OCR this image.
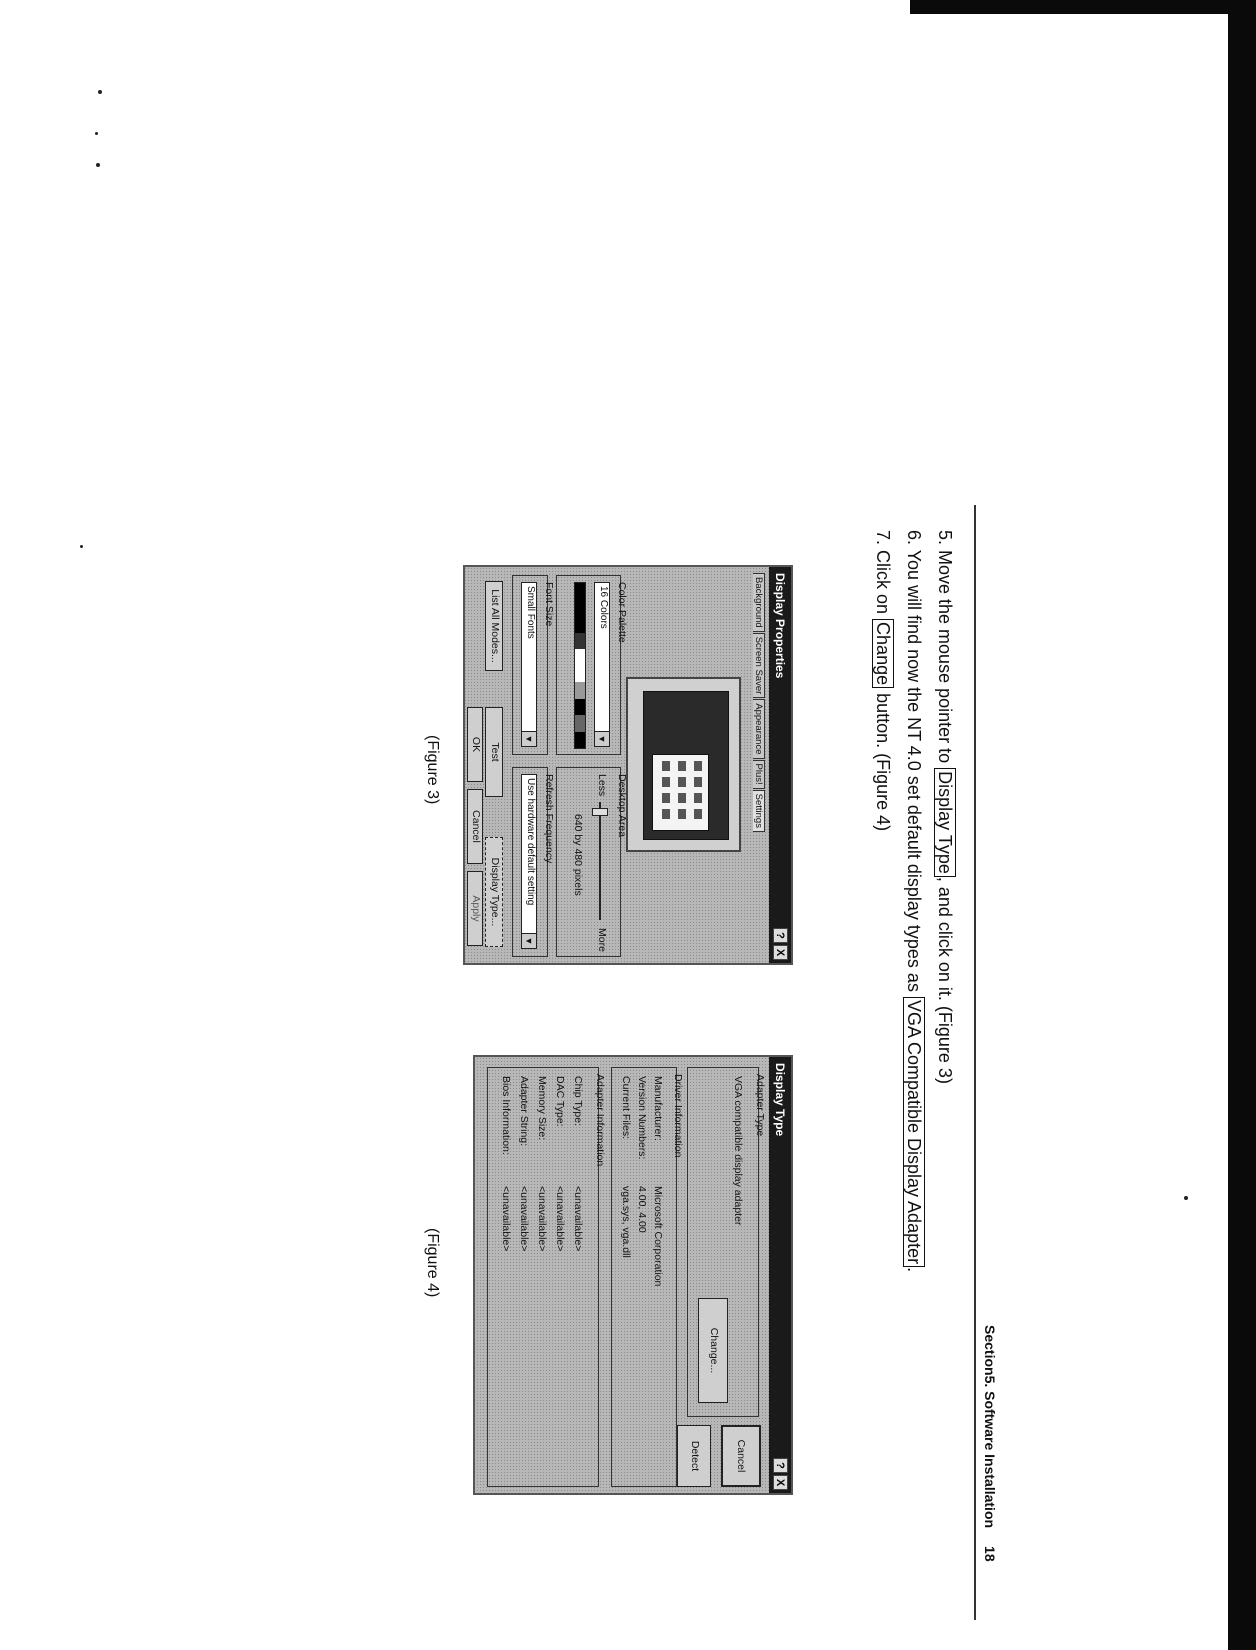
Section5. Software Installation18
5. Move the mouse pointer to Display Type, and click on it. (Figure 3)
6. You will find now the NT 4.0 set default display types as VGA Compatible Display Adapter.
7. Click on Change button. (Figure 4)
Display Properties
?
X
BackgroundScreen SaverAppearancePlus!Settings
Color Palette
16 Colors
▼
Desktop Area
Less
More
640 by 480 pixels
Font Size
Small Fonts
▼
Refresh Frequency
Use hardware default setting
▼
List All Modes...
Test
Display Type...
OK
Cancel
Apply
(Figure 3)
Display Type
?
X
Cancel
Detect
Adapter Type
VGA compatible display adapter
Change...
Driver Information
Manufacturer:
Microsoft Corporation
Version Numbers:
4.00, 4.00
Current Files:
vga.sys, vga.dll
Adapter Information
Chip Type:
<unavailable>
DAC Type:
<unavailable>
Memory Size:
<unavailable>
Adapter String:
<unavailable>
Bios Information:
<unavailable>
(Figure 4)
